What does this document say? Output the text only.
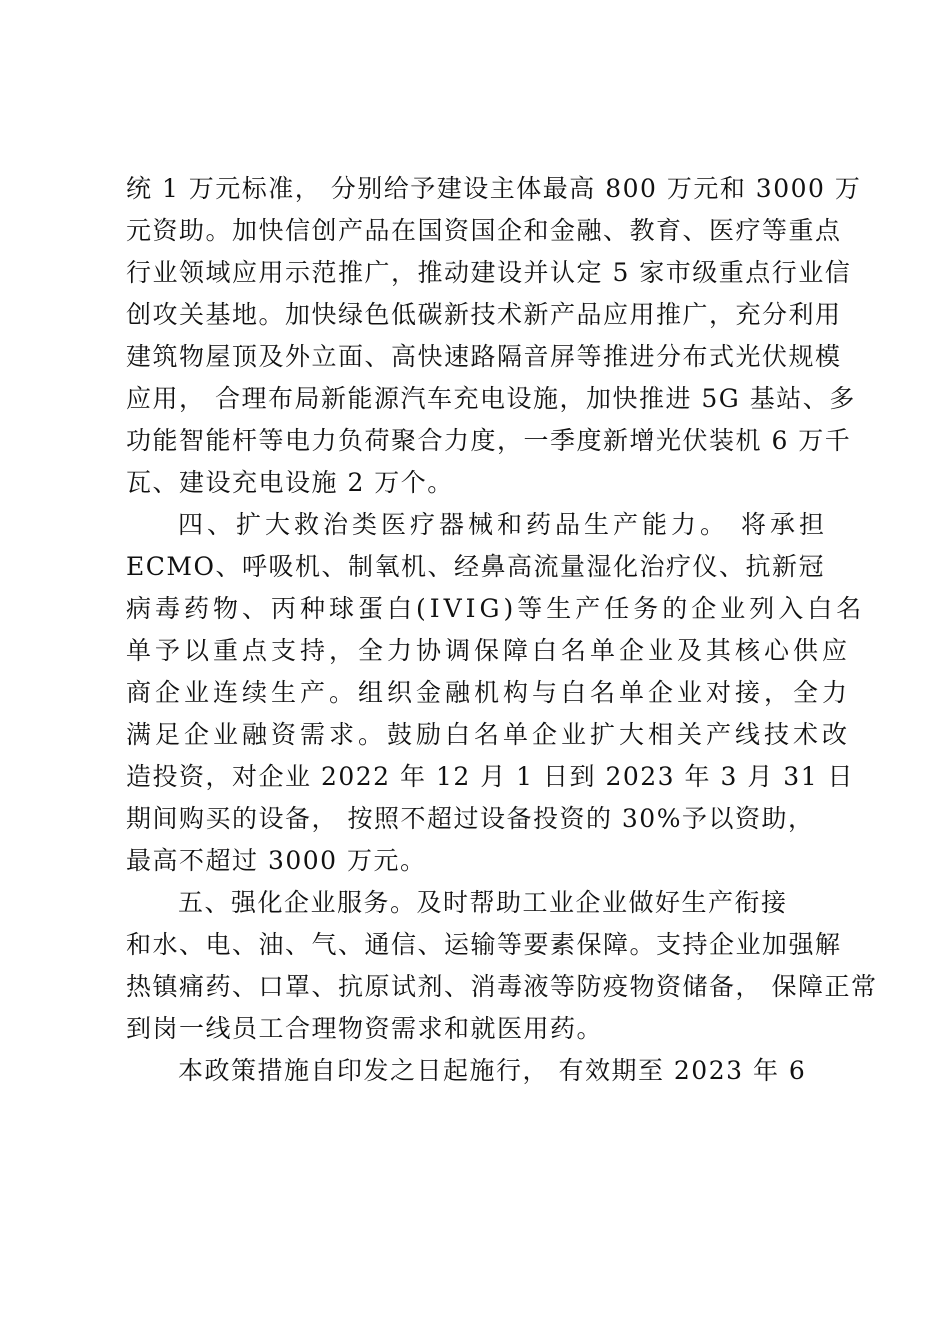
统 1 万元标准， 分别给予建设主体最高 800 万元和 3000 万
元资助。加快信创产品在国资国企和金融、教育、医疗等重点
行业领域应用示范推广，推动建设并认定 5 家市级重点行业信
创攻关基地。加快绿色低碳新技术新产品应用推广，充分利用
建筑物屋顶及外立面、高快速路隔音屏等推进分布式光伏规模
应用， 合理布局新能源汽车充电设施，加快推进 5G 基站、多
功能智能杆等电力负荷聚合力度，一季度新增光伏装机 6 万千
瓦、建设充电设施 2 万个。
四、扩大救治类医疗器械和药品生产能力。 将承担
ECMO、呼吸机、制氧机、经鼻高流量湿化治疗仪、抗新冠
病毒药物、丙种球蛋白(IVIG)等生产任务的企业列入白名
单予以重点支持，全力协调保障白名单企业及其核心供应
商企业连续生产。组织金融机构与白名单企业对接，全力
满足企业融资需求。鼓励白名单企业扩大相关产线技术改
造投资，对企业 2022 年 12 月 1 日到 2023 年 3 月 31 日
期间购买的设备， 按照不超过设备投资的 30%予以资助，
最高不超过 3000 万元。
五、强化企业服务。及时帮助工业企业做好生产衔接
和水、电、油、气、通信、运输等要素保障。支持企业加强解
热镇痛药、口罩、抗原试剂、消毒液等防疫物资储备， 保障正常
到岗一线员工合理物资需求和就医用药。
本政策措施自印发之日起施行， 有效期至 2023 年 6
